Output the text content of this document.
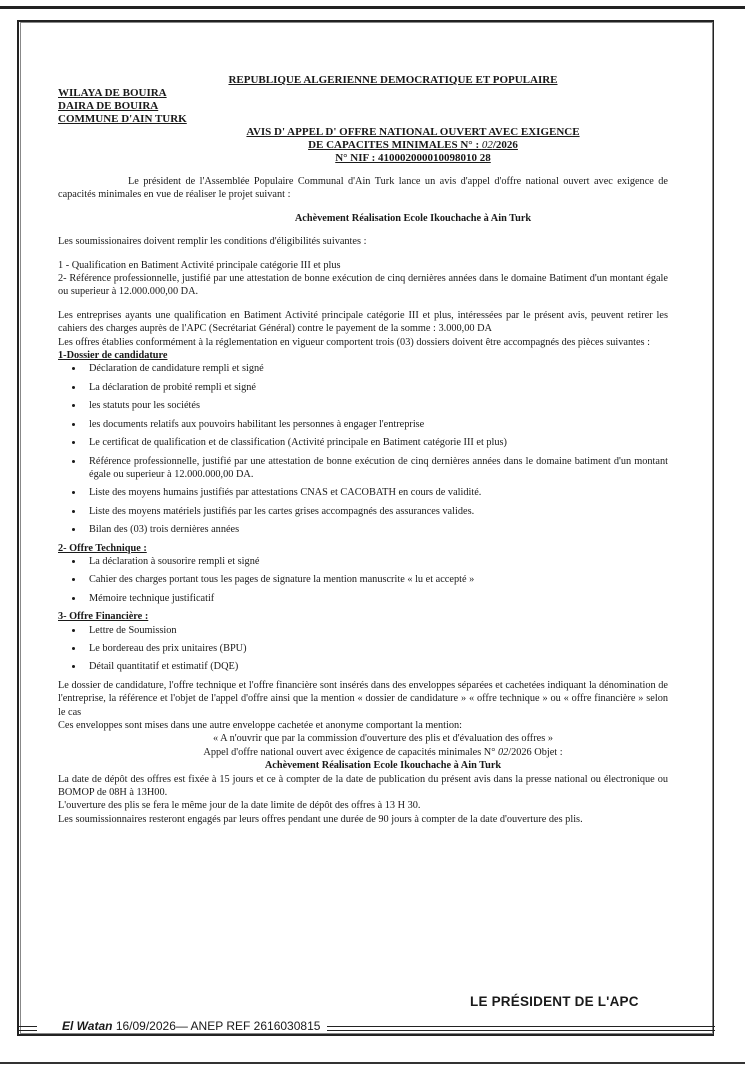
REPUBLIQUE ALGERIENNE DEMOCRATIQUE ET POPULAIRE

WILAYA DE BOUIRA

DAIRA DE BOUIRA

COMMUNE D'AIN TURK

AVIS D' APPEL D' OFFRE NATIONAL OUVERT AVEC EXIGENCE

DE CAPACITES MINIMALES N° : 02/2026

N° NIF : 410002000010098010 28

Le président de l'Assemblée Populaire Communal d'Ain Turk lance un avis d'appel d'offre national ouvert avec exigence de capacités minimales en vue de réaliser le projet suivant :

Achèvement Réalisation Ecole Ikouchache à Ain Turk

Les soumissionaires doivent remplir les conditions d'éligibilités suivantes :

1 - Qualification en Batiment Activité principale catégorie III et plus

2- Référence professionnelle, justifié par une attestation de bonne exécution de cinq dernières années dans le domaine Batiment d'un montant égale ou superieur à 12.000.000,00 DA.

Les entreprises ayants une qualification en Batiment Activité principale catégorie III et plus, intéressées par le présent avis, peuvent retirer les cahiers des charges auprès de l'APC (Secrétariat Général) contre le payement de la somme : 3.000,00 DA

Les offres établies conformément à la réglementation en vigueur comportent trois (03) dossiers doivent être accompagnés des pièces suivantes :

1-Dossier de candidature

• Déclaration de candidature rempli et signé
• La déclaration de probité rempli et signé
• les statuts pour les sociétés
• les documents relatifs aux pouvoirs habilitant les personnes à engager l'entreprise
• Le certificat de qualification et de classification (Activité principale en Batiment catégorie III et plus)
• Référence professionnelle, justifié par une attestation de bonne exécution de cinq dernières années dans le domaine batiment d'un montant égale ou superieur à 12.000.000,00 DA.
• Liste des moyens humains justifiés par attestations CNAS et CACOBATH en cours de validité.
• Liste des moyens matériels justifiés par les cartes grises accompagnés des assurances valides.
• Bilan des (03) trois dernières années

2- Offre Technique :

• La déclaration à sousorire rempli et signé
• Cahier des charges portant tous les pages de signature la mention manuscrite « lu et accepté »
• Mémoire technique justificatif

3- Offre Financière :

• Lettre de Soumission
• Le bordereau des prix unitaires (BPU)
• Détail quantitatif et estimatif (DQE)

Le dossier de candidature, l'offre technique et l'offre financière sont insérés dans des enveloppes séparées et cachetées indiquant la dénomination de l'entreprise, la référence et l'objet de l'appel d'offre ainsi que la mention « dossier de candidature » « offre technique » ou « offre financière » selon le cas

Ces enveloppes sont mises dans une autre enveloppe cachetée et anonyme comportant la mention:

« A n'ouvrir que par la commission d'ouverture des plis et d'évaluation des offres »

Appel d'offre national ouvert avec éxigence de capacités minimales N° 02/2026 Objet :

Achèvement Réalisation Ecole Ikouchache à Ain Turk

La date de dépôt des offres est fixée à 15 jours et ce à compter de la date de publication du présent avis dans la presse national ou électronique ou BOMOP de 08H à 13H00.

L'ouverture des plis se fera le même jour de la date limite de dépôt des offres à 13 H 30.

Les soumissionnaires resteront engagés par leurs offres pendant une durée de 90 jours à compter de la date d'ouverture des plis.

LE PRÉSIDENT DE L'APC
El Watan 16/09/2026— ANEP REF 2616030815
